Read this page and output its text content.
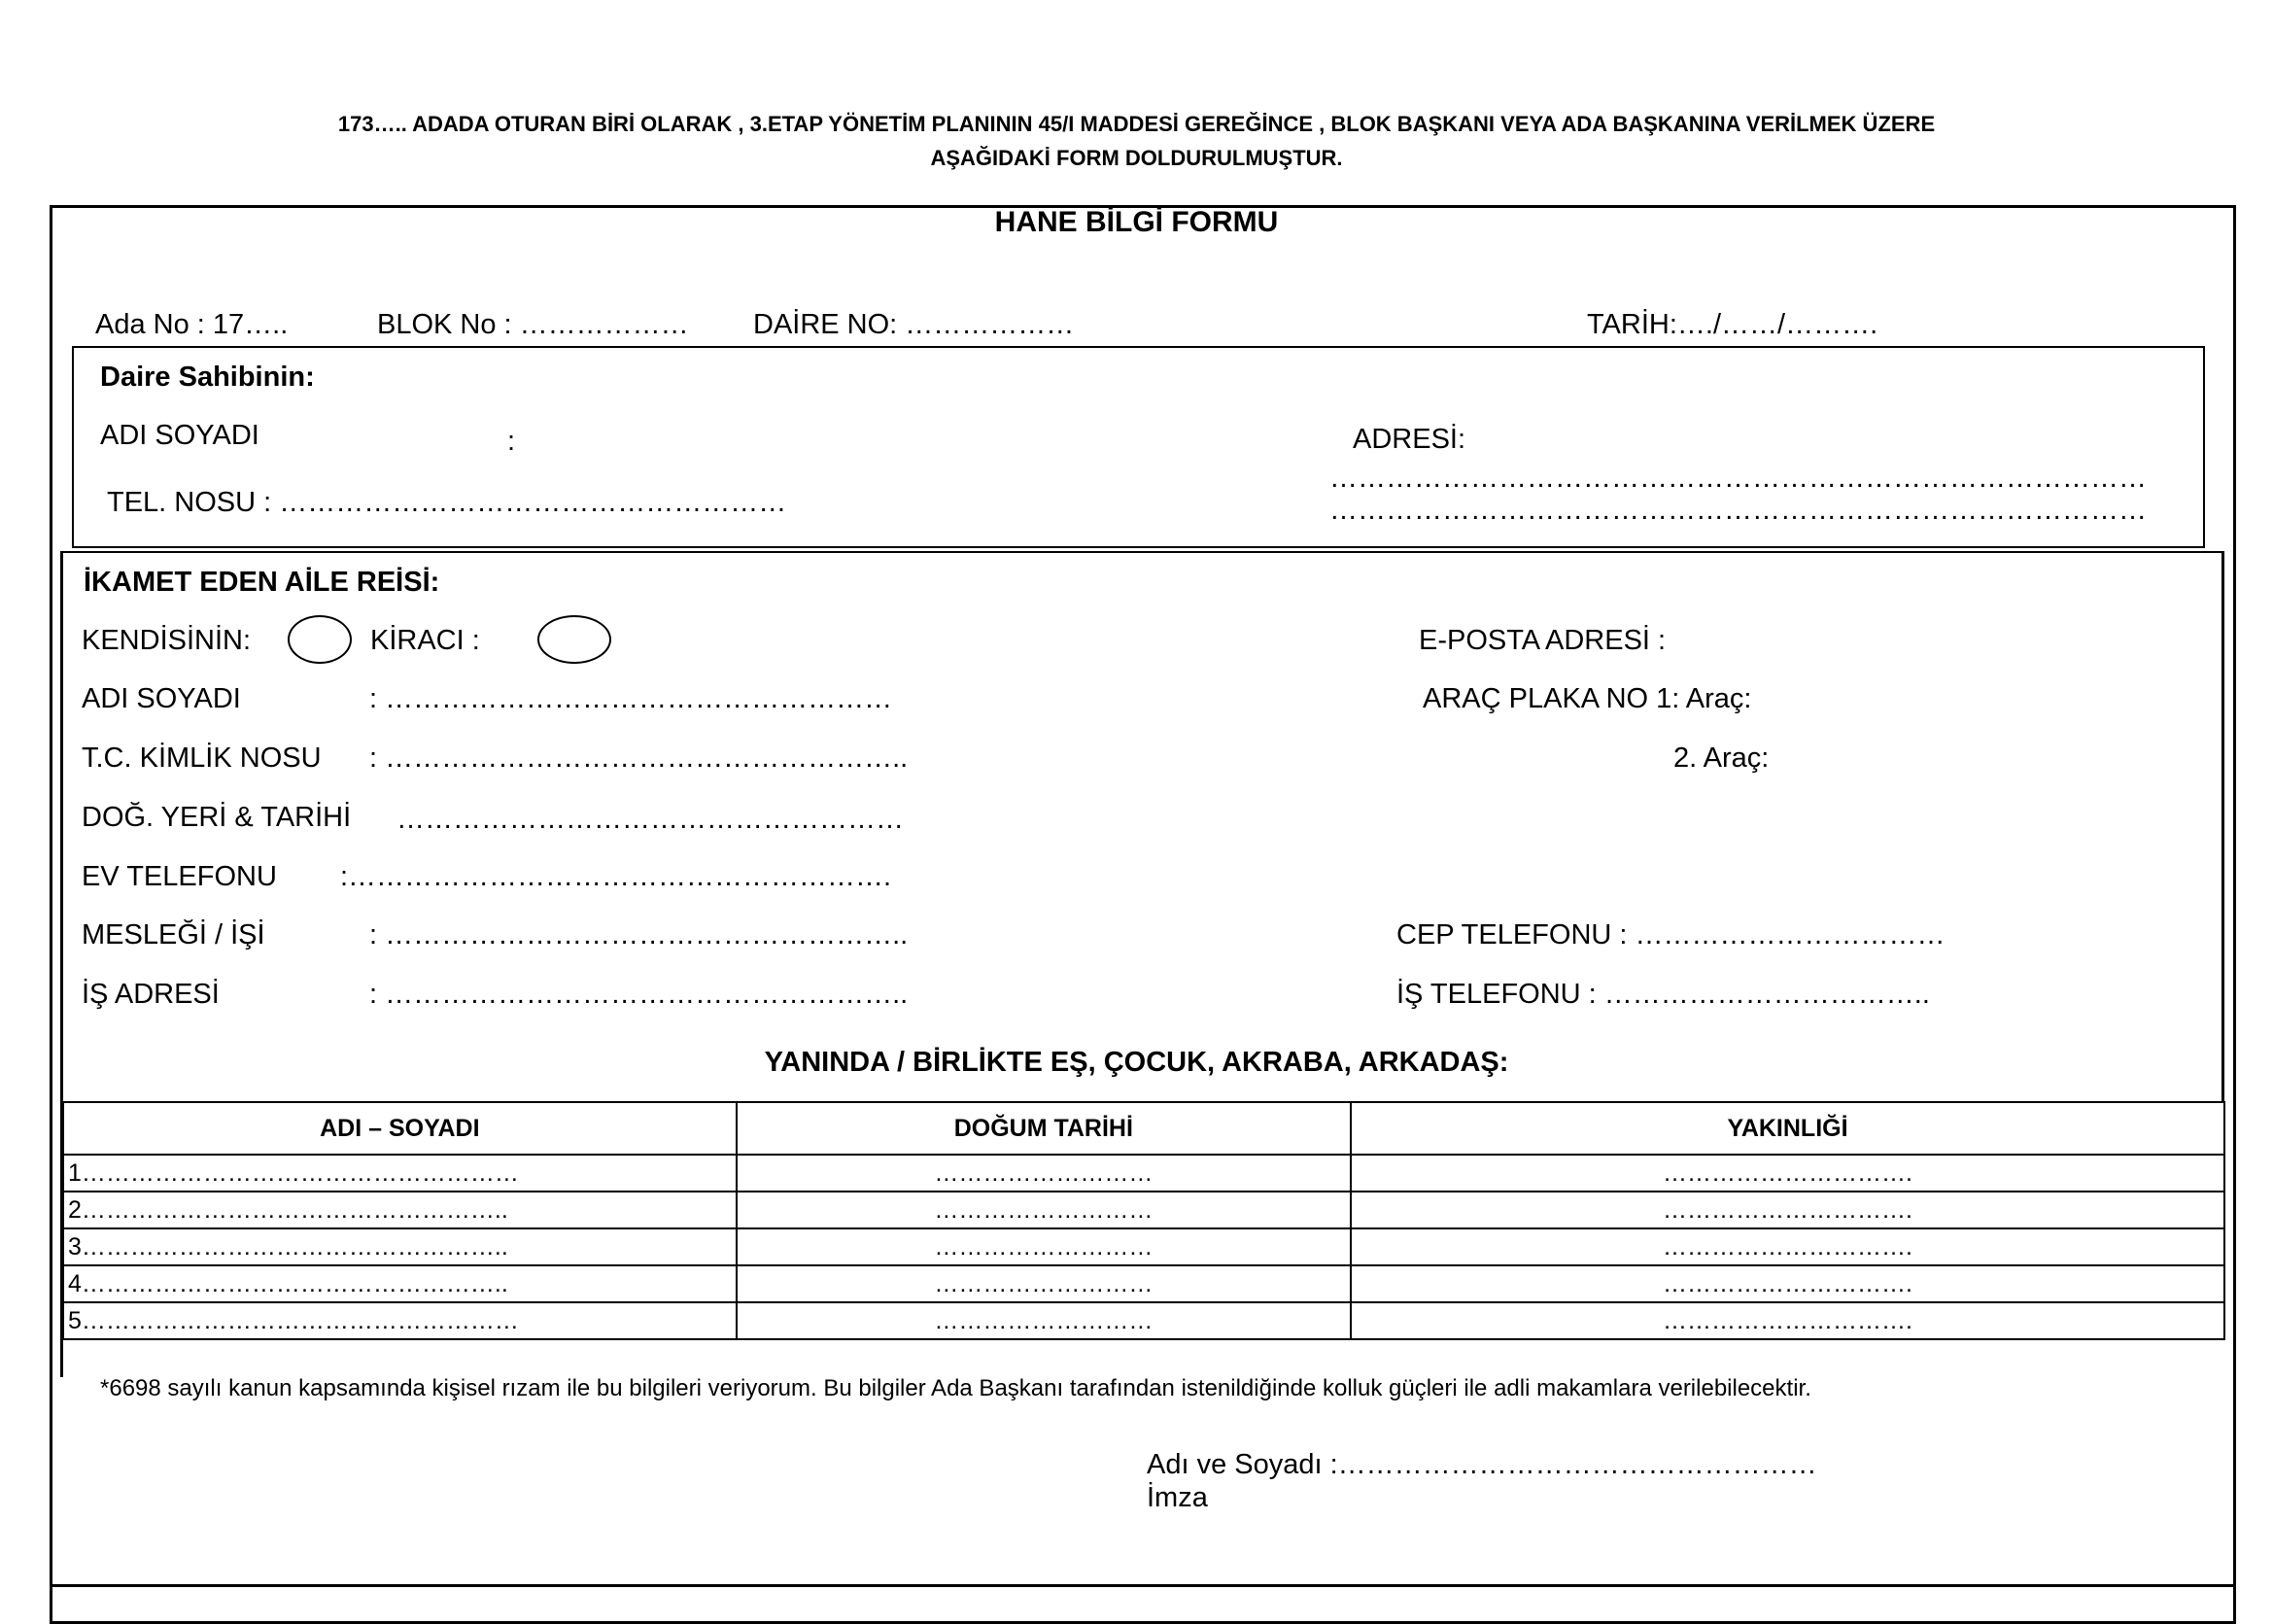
173….. ADADA OTURAN BİRİ OLARAK , 3.ETAP YÖNETİM PLANININ 45/I MADDESİ GEREĞİNCE , BLOK BAŞKANI VEYA ADA BAŞKANINA VERİLMEK ÜZERE
AŞAĞIDAKİ FORM DOLDURULMUŞTUR.
HANE BİLGİ FORMU
Ada No : 17…..	BLOK No : ……………… DAİRE NO: ………………	TARİH:…./……/……….
Daire Sahibinin:
ADI SOYADI	:	ADRESİ:
……………………………………………………………………………
……………………………………………………………………………
TEL. NOSU : ………………………………………………
İKAMET EDEN AİLE REİSİ:
KENDİSİNİN:	KİRACI :	E-POSTA ADRESİ :
ADI SOYADI	: ………………………………………………	ARAÇ PLAKA NO 1: Araç:
T.C. KİMLİK NOSU : ………………………………………………..	2. Araç:
DOĞ. YERİ & TARİHİ ………………………………………………
EV TELEFONU :………………………………………………….
MESLEĞİ / İŞİ	: ………………………………………………..	CEP TELEFONU : ……………………………
İŞ ADRESİ	: ………………………………………………..	İŞ TELEFONU : ……………………………..
YANINDA / BİRLİKTE EŞ, ÇOCUK, AKRABA, ARKADAŞ:
ADI – SOYADI	DOĞUM TARİHİ	YAKINLIĞİ
1………………………………………………	………………………	………………………….
2……………………………………………..	………………………	………………………….
3……………………………………………..	………………………	………………………….
4……………………………………………..	………………………	………………………….
5………………………………………………	………………………	………………………….
*6698 sayılı kanun kapsamında kişisel rızam ile bu bilgileri veriyorum. Bu bilgiler Ada Başkanı tarafından istenildiğinde kolluk güçleri ile adli makamlara verilebilecektir.
Adı ve Soyadı :……………………………………………
İmza
